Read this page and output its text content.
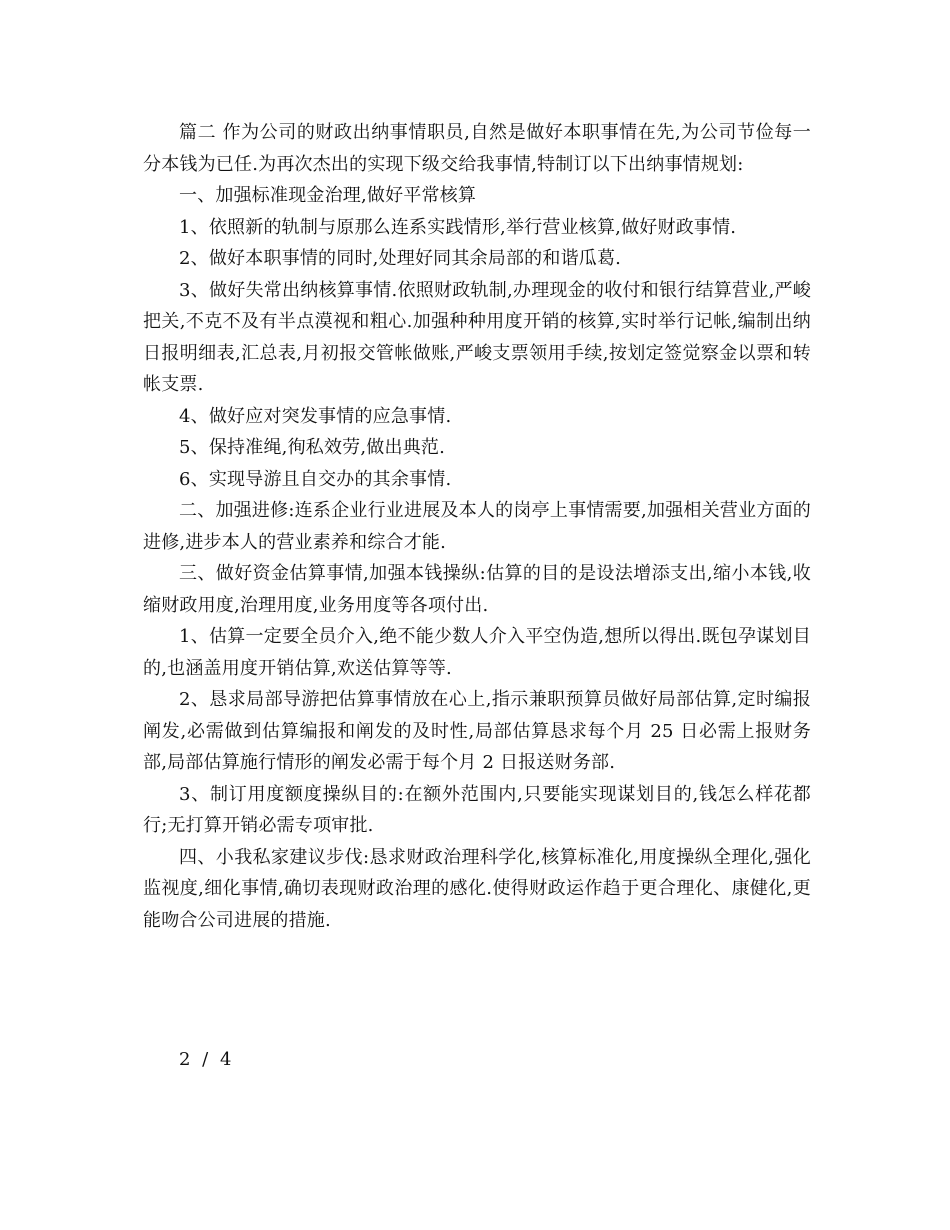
篇二 作为公司的财政出纳事情职员,自然是做好本职事情在先,为公司节俭每一分本钱为已任.为再次杰出的实现下级交给我事情,特制订以下出纳事情规划:

一、加强标准现金治理,做好平常核算

1、依照新的轨制与原那么连系实践情形,举行营业核算,做好财政事情.

2、做好本职事情的同时,处理好同其余局部的和谐瓜葛.

3、做好失常出纳核算事情.依照财政轨制,办理现金的收付和银行结算营业,严峻把关,不克不及有半点漠视和粗心.加强种种用度开销的核算,实时举行记帐,编制出纳日报明细表,汇总表,月初报交管帐做账,严峻支票领用手续,按划定签觉察金以票和转帐支票.

4、做好应对突发事情的应急事情.

5、保持准绳,徇私效劳,做出典范.

6、实现导游且自交办的其余事情.

二、加强进修:连系企业行业进展及本人的岗亭上事情需要,加强相关营业方面的进修,进步本人的营业素养和综合才能.

三、做好资金估算事情,加强本钱操纵:估算的目的是设法增添支出,缩小本钱,收缩财政用度,治理用度,业务用度等各项付出.

1、估算一定要全员介入,绝不能少数人介入平空伪造,想所以得出.既包孕谋划目的,也涵盖用度开销估算,欢送估算等等.

2、恳求局部导游把估算事情放在心上,指示兼职预算员做好局部估算,定时编报阐发,必需做到估算编报和阐发的及时性,局部估算恳求每个月 25 日必需上报财务部,局部估算施行情形的阐发必需于每个月 2 日报送财务部.

3、制订用度额度操纵目的:在额外范围内,只要能实现谋划目的,钱怎么样花都行;无打算开销必需专项审批.

四、小我私家建议步伐:恳求财政治理科学化,核算标准化,用度操纵全理化,强化监视度,细化事情,确切表现财政治理的感化.使得财政运作趋于更合理化、康健化,更能吻合公司进展的措施.

2 / 4
